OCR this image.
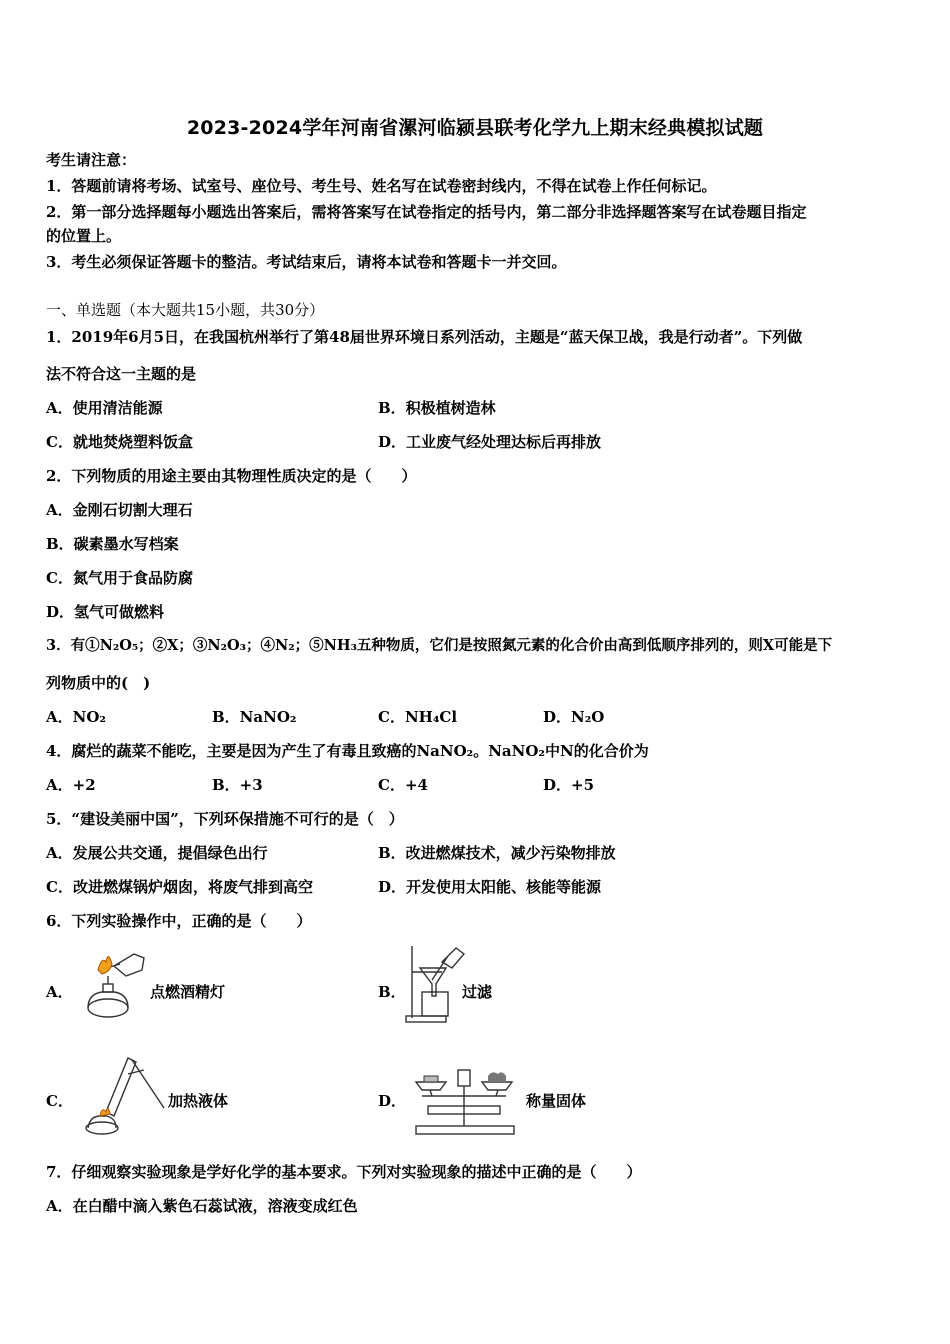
2023-2024学年河南省漯河临颍县联考化学九上期末经典模拟试题
考生请注意：
1．答题前请将考场、试室号、座位号、考生号、姓名写在试卷密封线内，不得在试卷上作任何标记。
2．第一部分选择题每小题选出答案后，需将答案写在试卷指定的括号内，第二部分非选择题答案写在试卷题目指定
的位置上。
3．考生必须保证答题卡的整洁。考试结束后，请将本试卷和答题卡一并交回。
一、单选题（本大题共15小题，共30分）
1．2019年6月5日，在我国杭州举行了第48届世界环境日系列活动，主题是“蓝天保卫战，我是行动者”。下列做
法不符合这一主题的是
A．使用清洁能源	B．积极植树造林
C．就地焚烧塑料饭盒	D．工业废气经处理达标后再排放
2．下列物质的用途主要由其物理性质决定的是（　　）
A．金刚石切割大理石
B．碳素墨水写档案
C．氮气用于食品防腐
D．氢气可做燃料
3．有①N₂O₅；②X；③N₂O₃；④N₂；⑤NH₃五种物质，它们是按照氮元素的化合价由高到低顺序排列的，则X可能是下
列物质中的(　)
A．NO₂	B．NaNO₂	C．NH₄Cl	D．N₂O
4．腐烂的蔬菜不能吃，主要是因为产生了有毒且致癌的NaNO₂。NaNO₂中N的化合价为
A．+2	B．+3	C．+4	D．+5
5．“建设美丽中国”，下列环保措施不可行的是（　）
A．发展公共交通，提倡绿色出行	B．改进燃煤技术，减少污染物排放
C．改进燃煤锅炉烟囱，将废气排到高空	D．开发使用太阳能、核能等能源
6．下列实验操作中，正确的是（　　）
A．	点燃酒精灯	B．	过滤
C．	加热液体	D．	称量固体
7．仔细观察实验现象是学好化学的基本要求。下列对实验现象的描述中正确的是（　　）
A．在白醋中滴入紫色石蕊试液，溶液变成红色
